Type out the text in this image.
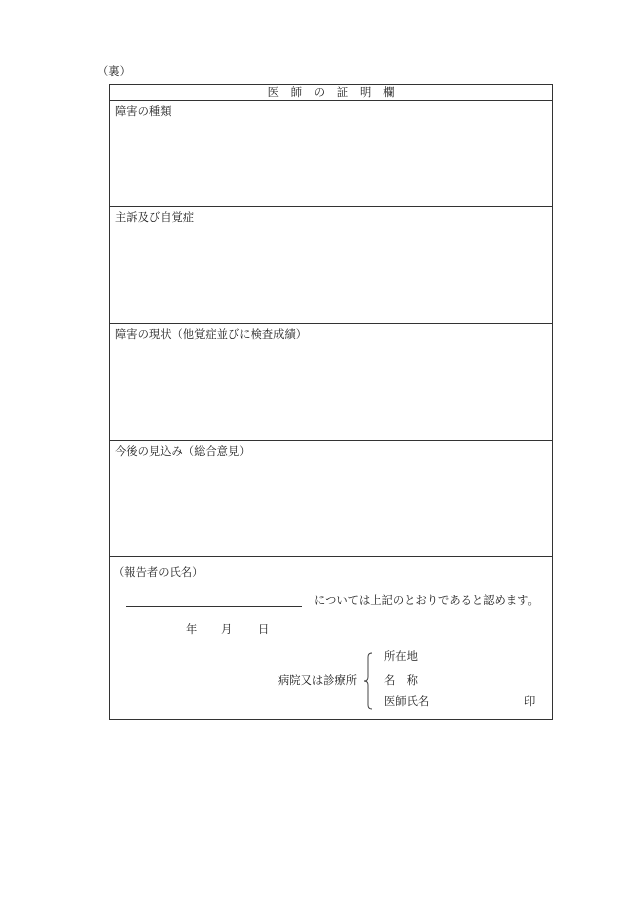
（裏）
医師の証明欄
障害の種類
主訴及び自覚症
障害の現状（他覚症並びに検査成績）
今後の見込み（総合意見）
（報告者の氏名）
については上記のとおりであると認めます。
年 月 日
病院又は診療所
所在地
名　称
医師氏名	印
